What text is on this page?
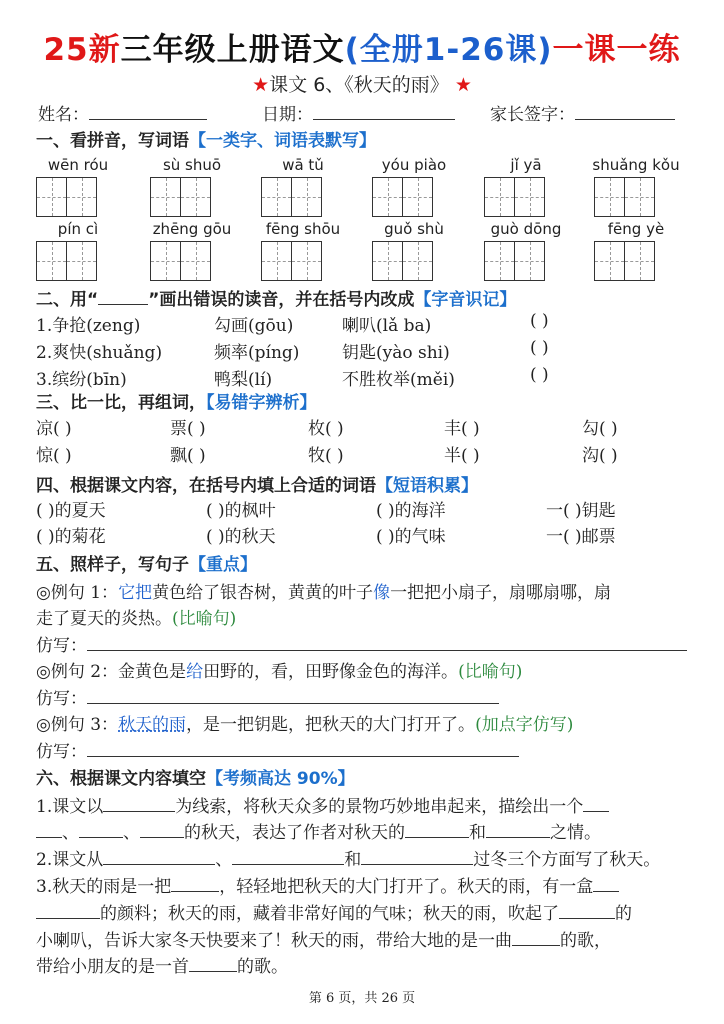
25新三年级上册语文(全册1-26课)一课一练
★课文 6、《秋天的雨》 ★
姓名：	日期：	家长签字：
一、看拼音，写词语【一类字、词语表默写】
wēn róu	sù shuō	wā tǔ	yóu piào	jǐ yā	shuǎng kǒu
pín cì	zhēng gōu	fēng shōu	guǒ shù	guò dōng	fēng yè
二、用“	”画出错误的读音，并在括号内改成【字音识记】
1.争抢(zeng)	勾画(gōu)	喇叭(lǎ ba)	( )
2.爽快(shuǎng)	频率(píng)	钥匙(yào shi)	( )
3.缤纷(bīn)	鸭梨(lí)	不胜枚举(měi)	( )
三、比一比，再组词，【易错字辨析】
凉( )	票( )	枚( )	丰( )	勾( )
惊( )	飘( )	牧( )	半( )	沟( )
四、根据课文内容，在括号内填上合适的词语【短语积累】
( )的夏天	( )的枫叶	( )的海洋	一( )钥匙
( )的菊花	( )的秋天	( )的气味	一( )邮票
五、照样子，写句子【重点】
◎例句 1：它把黄色给了银杏树，黄黄的叶子像一把把小扇子，扇哪扇哪，扇
走了夏天的炎热。(比喻句)
仿写：
◎例句 2：金黄色是给田野的，看，田野像金色的海洋。(比喻句)
仿写：
◎例句 3：秋天的雨，是一把钥匙，把秋天的大门打开了。(加点字仿写)
仿写：
六、根据课文内容填空【考频高达 90%】
1.课文以	为线索，将秋天众多的景物巧妙地串起来，描绘出一个
、	、	的秋天，表达了作者对秋天的	和	之情。
2.课文从	、	和	过冬三个方面写了秋天。
3.秋天的雨是一把	，轻轻地把秋天的大门打开了。秋天的雨，有一盒
的颜料；秋天的雨，藏着非常好闻的气味；秋天的雨，吹起了	的
小喇叭，告诉大家冬天快要来了！秋天的雨，带给大地的是一曲	的歌，
带给小朋友的是一首	的歌。
第 6 页，共 26 页
